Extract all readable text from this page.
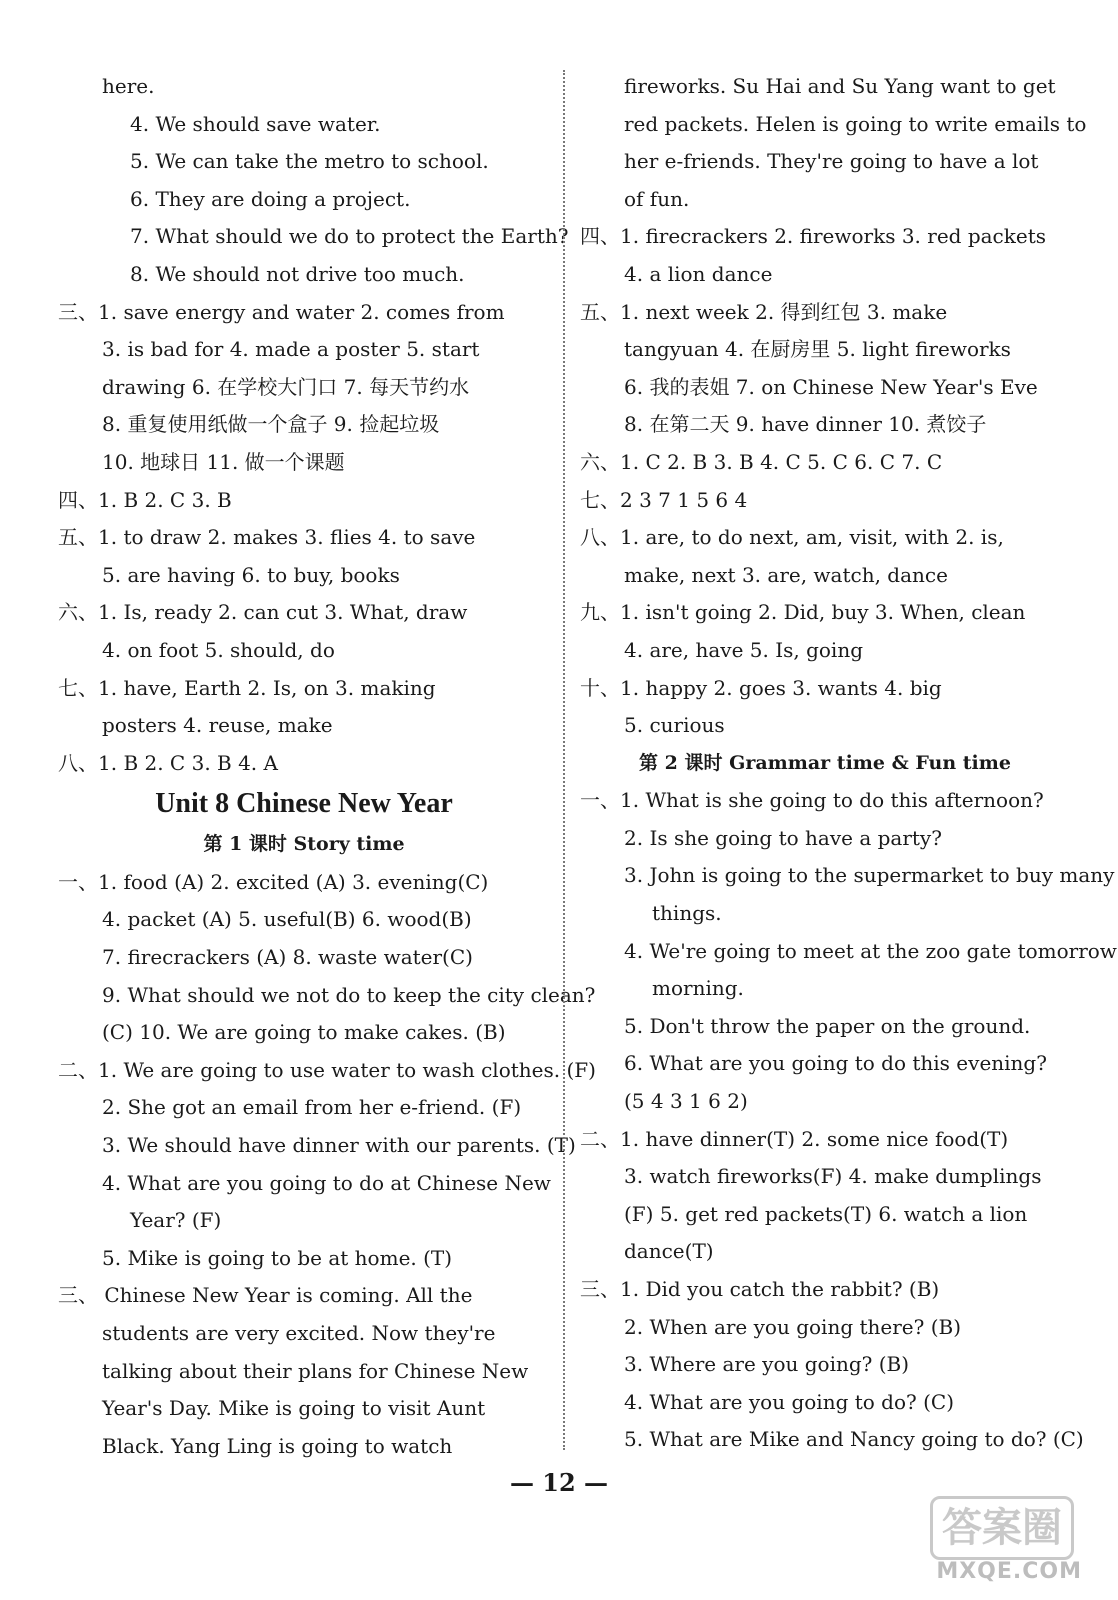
here.
4. We should save water.
5. We can take the metro to school.
6. They are doing a project.
7. What should we do to protect the Earth?
8. We should not drive too much.
三、1. save energy and water 2. comes from
3. is bad for 4. made a poster 5. start
drawing 6. 在学校大门口 7. 每天节约水
8. 重复使用纸做一个盒子 9. 捡起垃圾
10. 地球日 11. 做一个课题
四、1. B 2. C 3. B
五、1. to draw 2. makes 3. flies 4. to save
5. are having 6. to buy, books
六、1. Is, ready 2. can cut 3. What, draw
4. on foot 5. should, do
七、1. have, Earth 2. Is, on 3. making
posters 4. reuse, make
八、1. B 2. C 3. B 4. A
Unit 8 Chinese New Year
第 1 课时 Story time
一、1. food (A) 2. excited (A) 3. evening(C)
4. packet (A) 5. useful(B) 6. wood(B)
7. firecrackers (A) 8. waste water(C)
9. What should we not do to keep the city clean?
(C) 10. We are going to make cakes. (B)
二、1. We are going to use water to wash clothes. (F)
2. She got an email from her e-friend. (F)
3. We should have dinner with our parents. (T)
4. What are you going to do at Chinese New
Year? (F)
5. Mike is going to be at home. (T)
三、 Chinese New Year is coming. All the
students are very excited. Now they're
talking about their plans for Chinese New
Year's Day. Mike is going to visit Aunt
Black. Yang Ling is going to watch
fireworks. Su Hai and Su Yang want to get
red packets. Helen is going to write emails to
her e-friends. They're going to have a lot
of fun.
四、1. firecrackers 2. fireworks 3. red packets
4. a lion dance
五、1. next week 2. 得到红包 3. make
tangyuan 4. 在厨房里 5. light fireworks
6. 我的表姐 7. on Chinese New Year's Eve
8. 在第二天 9. have dinner 10. 煮饺子
六、1. C 2. B 3. B 4. C 5. C 6. C 7. C
七、2 3 7 1 5 6 4
八、1. are, to do next, am, visit, with 2. is,
make, next 3. are, watch, dance
九、1. isn't going 2. Did, buy 3. When, clean
4. are, have 5. Is, going
十、1. happy 2. goes 3. wants 4. big
5. curious
第 2 课时 Grammar time & Fun time
一、1. What is she going to do this afternoon?
2. Is she going to have a party?
3. John is going to the supermarket to buy many
things.
4. We're going to meet at the zoo gate tomorrow
morning.
5. Don't throw the paper on the ground.
6. What are you going to do this evening?
(5 4 3 1 6 2)
二、1. have dinner(T) 2. some nice food(T)
3. watch fireworks(F) 4. make dumplings
(F) 5. get red packets(T) 6. watch a lion
dance(T)
三、1. Did you catch the rabbit? (B)
2. When are you going there? (B)
3. Where are you going? (B)
4. What are you going to do? (C)
5. What are Mike and Nancy going to do? (C)
— 12 —
答案圈
MXQE.COM
